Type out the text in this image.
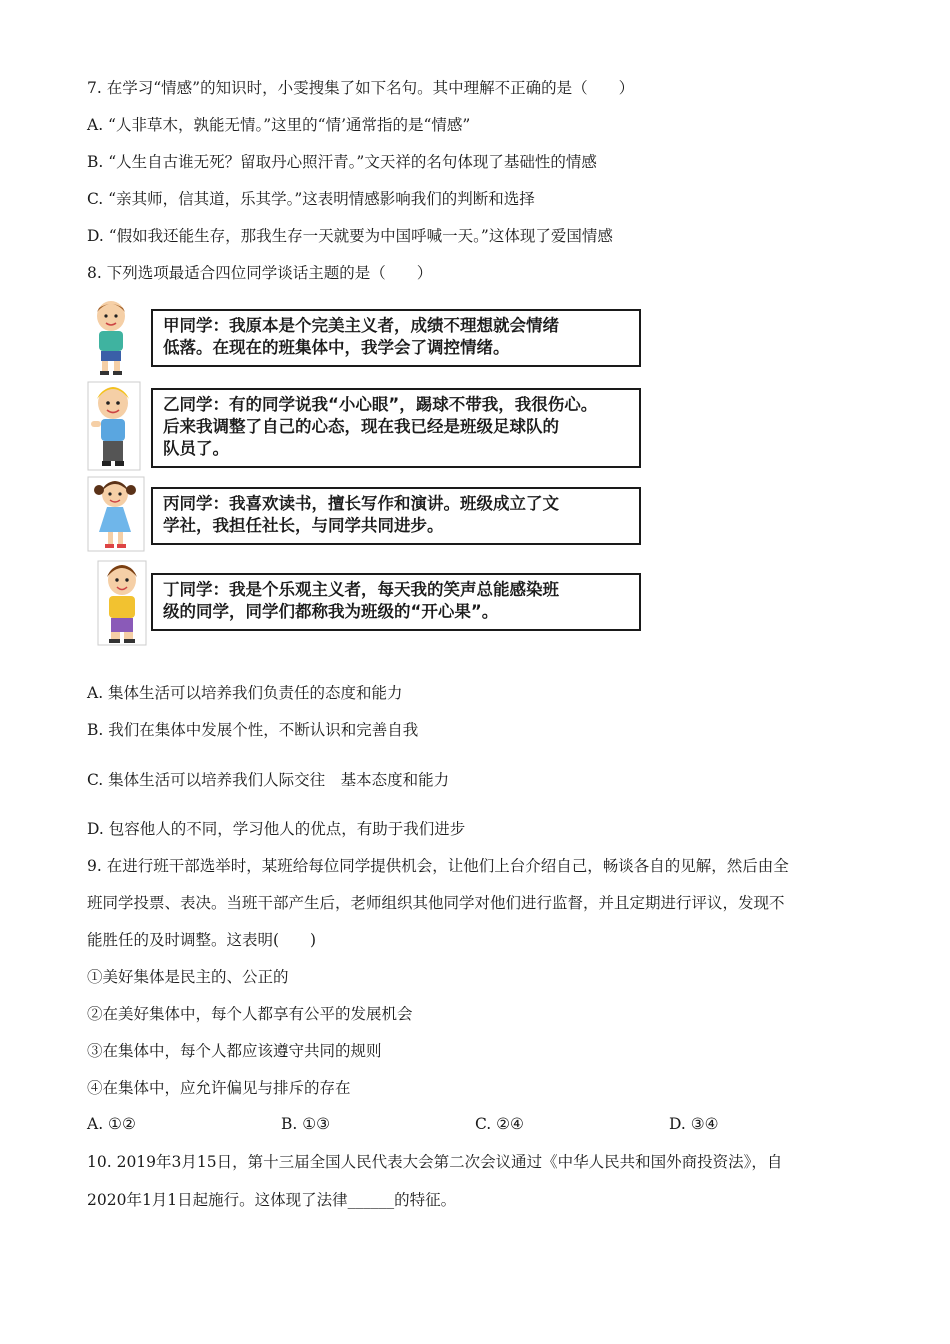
7. 在学习“情感”的知识时，小雯搜集了如下名句。其中理解不正确的是（　　）
A. “人非草木，孰能无情。”这里的“情’通常指的是“情感”
B. “人生自古谁无死？留取丹心照汗青。”文天祥的名句体现了基础性的情感
C. “亲其师，信其道，乐其学。”这表明情感影响我们的判断和选择
D. “假如我还能生存，那我生存一天就要为中国呼喊一天。”这体现了爱国情感
8. 下列选项最适合四位同学谈话主题的是（　　）
甲同学：我原本是个完美主义者，成绩不理想就会情绪
低落。在现在的班集体中，我学会了调控情绪。
乙同学：有的同学说我“小心眼”，踢球不带我，我很伤心。
后来我调整了自己的心态，现在我已经是班级足球队的
队员了。
丙同学：我喜欢读书，擅长写作和演讲。班级成立了文
学社，我担任社长，与同学共同进步。
丁同学：我是个乐观主义者，每天我的笑声总能感染班
级的同学，同学们都称我为班级的“开心果”。
A. 集体生活可以培养我们负责任的态度和能力
B. 我们在集体中发展个性，不断认识和完善自我
C. 集体生活可以培养我们人际交往　基本态度和能力
D. 包容他人的不同，学习他人的优点，有助于我们进步
9. 在进行班干部选举时，某班给每位同学提供机会，让他们上台介绍自己，畅谈各自的见解，然后由全
班同学投票、表决。当班干部产生后，老师组织其他同学对他们进行监督，并且定期进行评议，发现不
能胜任的及时调整。这表明(　　)
①美好集体是民主的、公正的
②在美好集体中，每个人都享有公平的发展机会
③在集体中，每个人都应该遵守共同的规则
④在集体中，应允许偏见与排斥的存在
A. ①②	B. ①③	C. ②④	D. ③④
10. 2019年3月15日，第十三届全国人民代表大会第二次会议通过《中华人民共和国外商投资法》，自
2020年1月1日起施行。这体现了法律______的特征。
